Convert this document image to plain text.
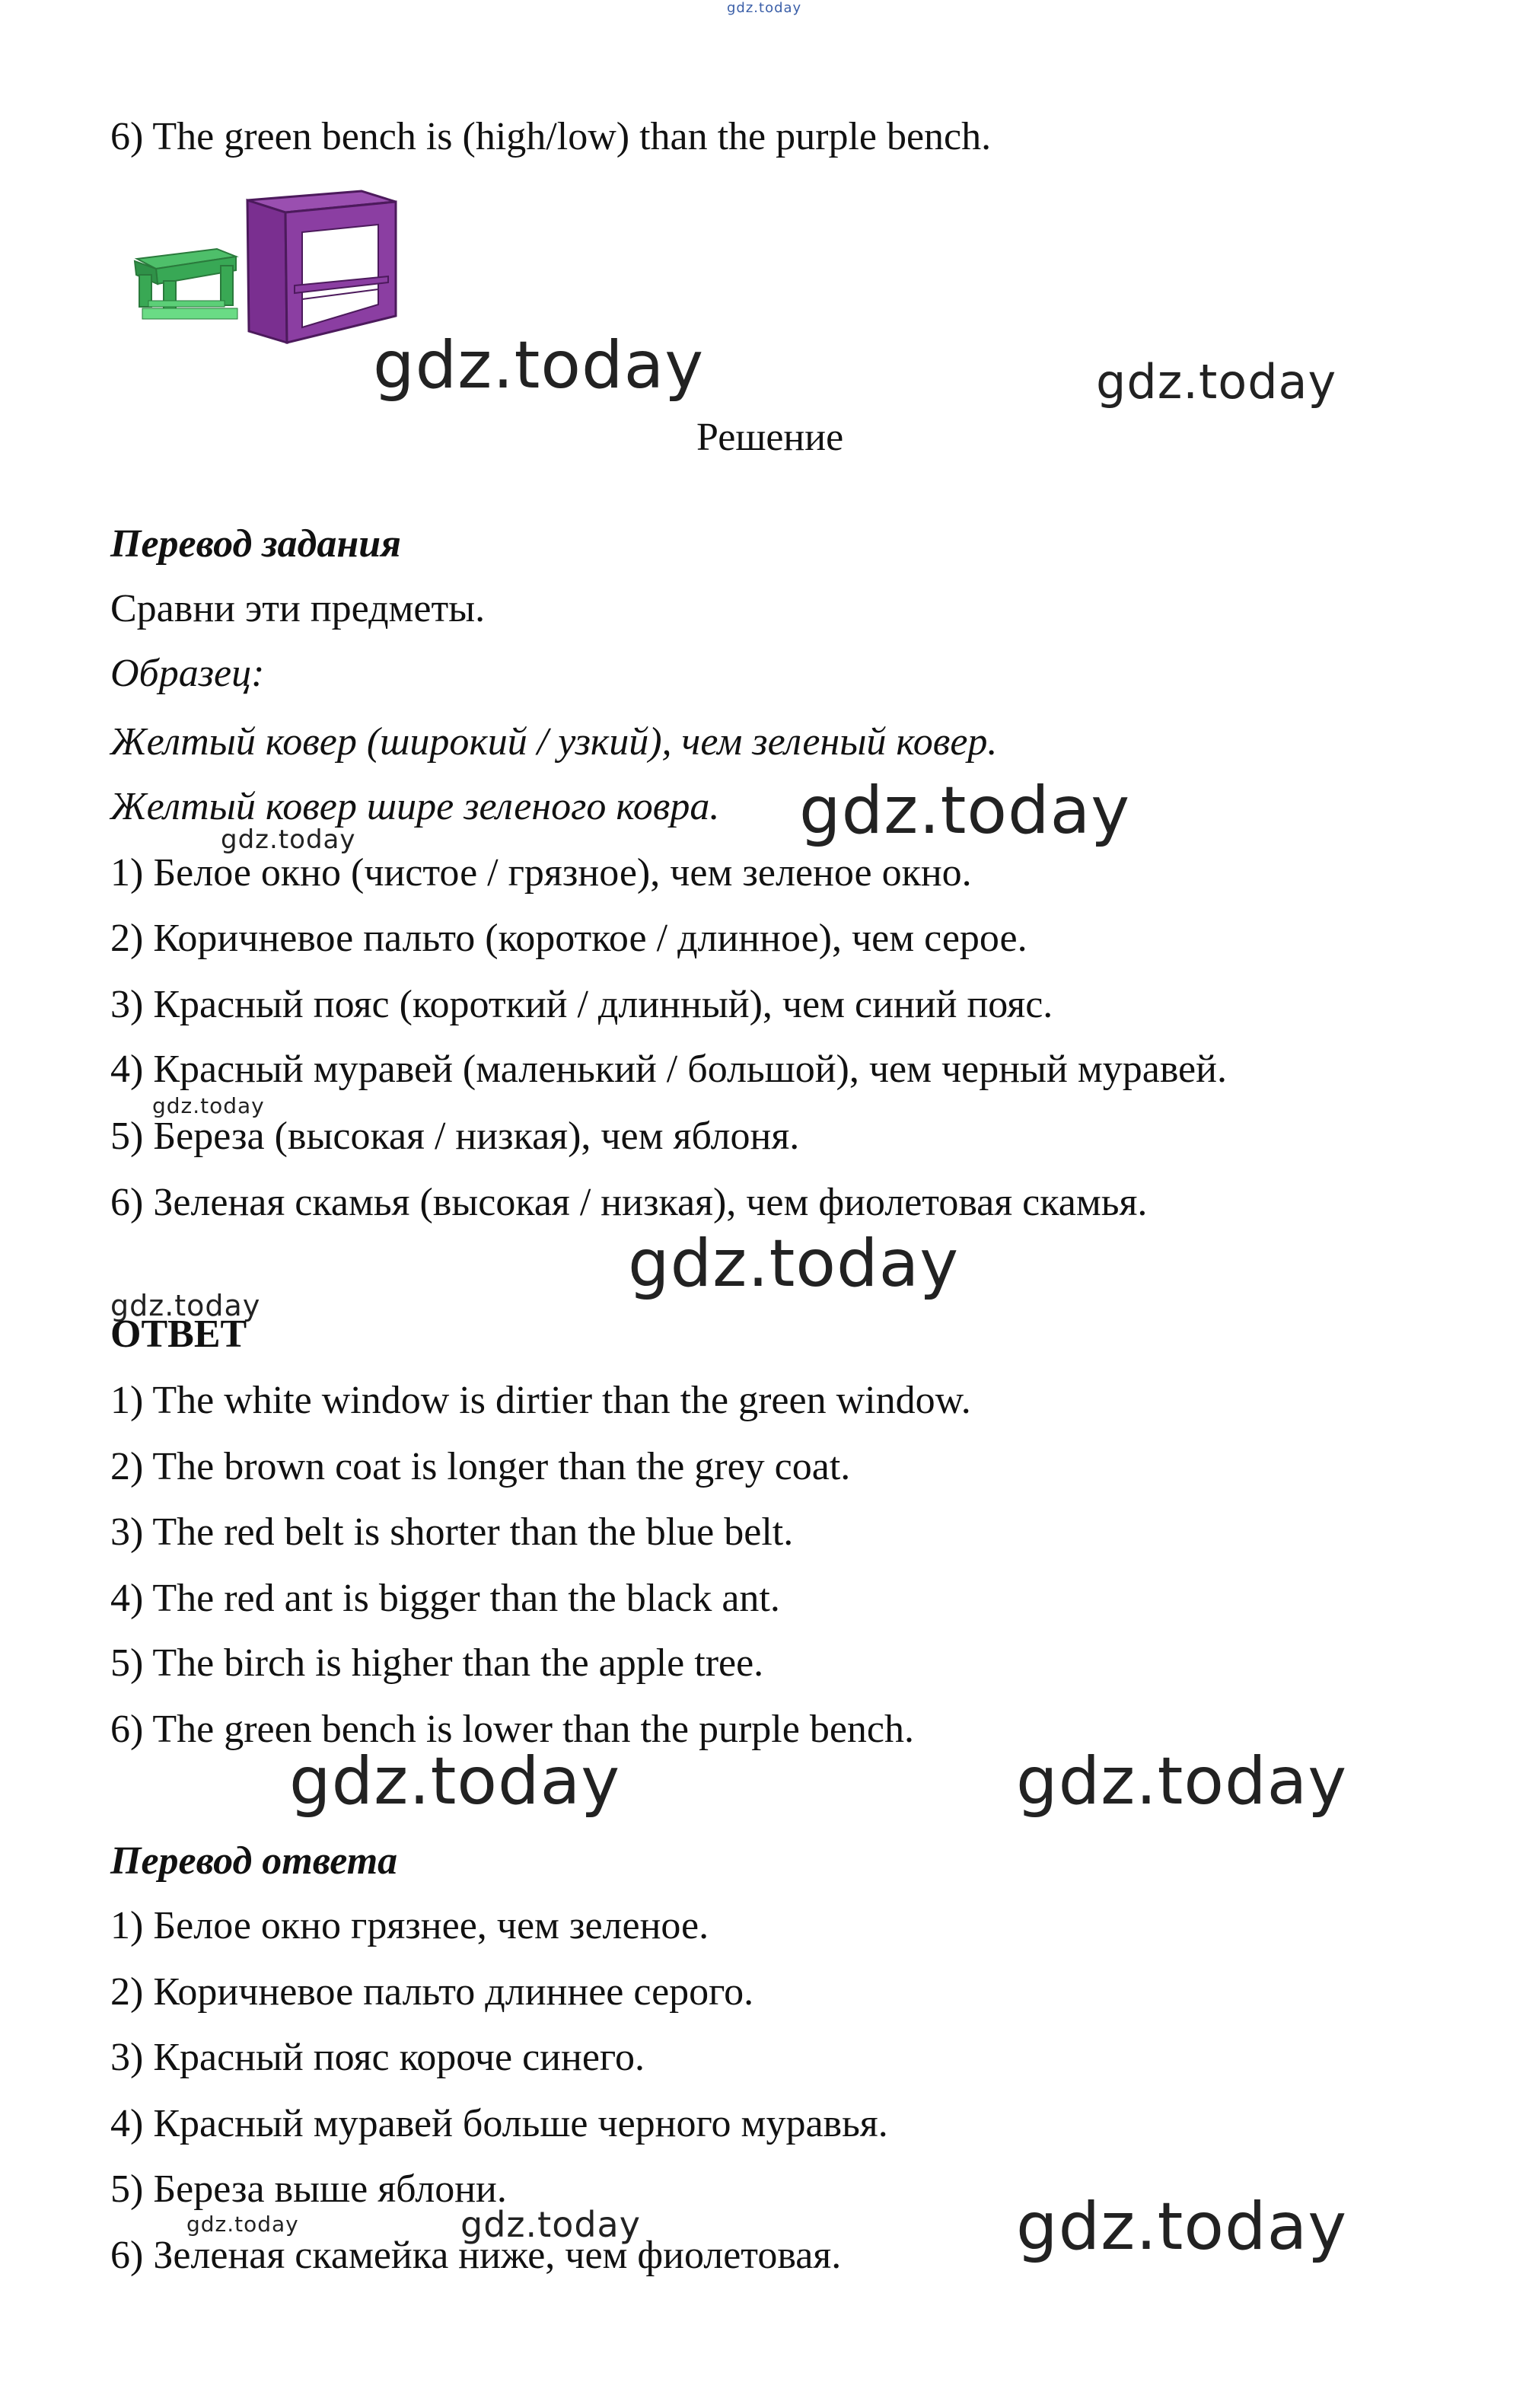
gdz.today
6) The green bench is (high/low) than the purple bench.
gdz.today	gdz.today
Решение
Перевод задания
Сравни эти предметы.
Образец:
Желтый ковер (широкий / узкий), чем зеленый ковер.
Желтый ковер шире зеленого ковра. gdz.today
gdz.today
1) Белое окно (чистое / грязное), чем зеленое окно.
2) Коричневое пальто (короткое / длинное), чем серое.
3) Красный пояс (короткий / длинный), чем синий пояс.
4) Красный муравей (маленький / большой), чем черный муравей.
gdz.today
5) Береза (высокая / низкая), чем яблоня.
6) Зеленая скамья (высокая / низкая), чем фиолетовая скамья.
gdz.today
gdz.today
ОТВЕТ
1) The white window is dirtier than the green window.
2) The brown coat is longer than the grey coat.
3) The red belt is shorter than the blue belt.
4) The red ant is bigger than the black ant.
5) The birch is higher than the apple tree.
6) The green bench is lower than the purple bench.
gdz.today	gdz.today
Перевод ответа
1) Белое окно грязнее, чем зеленое.
2) Коричневое пальто длиннее серого.
3) Красный пояс короче синего.
4) Красный муравей больше черного муравья.
5) Береза выше яблони.
gdz.today	gdz.today
6) Зеленая скамейка ниже, чем фиолетовая.	gdz.today
